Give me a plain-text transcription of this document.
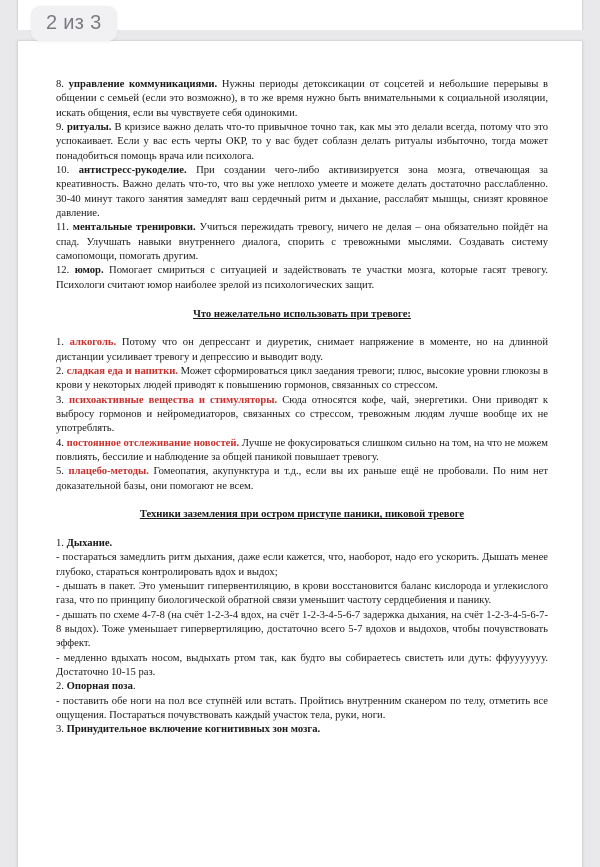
8. управление коммуникациями. Нужны периоды детоксикации от соцсетей и небольшие перерывы в общении с семьей (если это возможно), в то же время нужно быть внимательными к социальной изоляции, искать общения, если вы чувствуете себя одинокими.

9. ритуалы. В кризисе важно делать что-то привычное точно так, как мы это делали всегда, потому что это успокаивает. Если у вас есть черты ОКР, то у вас будет соблазн делать ритуалы избыточно, тогда может понадобиться помощь врача или психолога.

10. антистресс-рукоделие. При создании чего-либо активизируется зона мозга, отвечающая за креативность. Важно делать что-то, что вы уже неплохо умеете и можете делать достаточно расслабленно. 30-40 минут такого занятия замедлят ваш сердечный ритм и дыхание, расслабят мышцы, снизят кровяное давление.

11. ментальные тренировки. Учиться пережидать тревогу, ничего не делая – она обязательно пойдёт на спад. Улучшать навыки внутреннего диалога, спорить с тревожными мыслями. Создавать систему самопомощи, помогать другим.

12. юмор. Помогает смириться с ситуацией и задействовать те участки мозга, которые гасят тревогу. Психологи считают юмор наиболее зрелой из психологических защит.

Что нежелательно использовать при тревоге:

1. алкоголь. Потому что он депрессант и диуретик, снимает напряжение в моменте, но на длинной дистанции усиливает тревогу и депрессию и выводит воду.

2. сладкая еда и напитки. Может сформироваться цикл заедания тревоги; плюс, высокие уровни глюкозы в крови у некоторых людей приводят к повышению гормонов, связанных со стрессом.

3. психоактивные вещества и стимуляторы. Сюда относятся кофе, чай, энергетики. Они приводят к выбросу гормонов и нейромедиаторов, связанных со стрессом, тревожным людям лучше вообще их не употреблять.

4. постоянное отслеживание новостей. Лучше не фокусироваться слишком сильно на том, на что не можем повлиять, бессилие и наблюдение за общей паникой повышает тревогу.

5. плацебо-методы. Гомеопатия, акупунктура и т.д., если вы их раньше ещё не пробовали. По ним нет доказательной базы, они помогают не всем.

Техники заземления при остром приступе паники, пиковой тревоге

1. Дыхание.

- постараться замедлить ритм дыхания, даже если кажется, что, наоборот, надо его ускорить. Дышать менее глубоко, стараться контролировать вдох и выдох;

- дышать в пакет. Это уменьшит гипервентиляцию, в крови восстановится баланс кислорода и углекислого газа, что по принципу биологической обратной связи уменьшит частоту сердцебиения и панику.

- дышать по схеме 4-7-8 (на счёт 1-2-3-4 вдох, на счёт 1-2-3-4-5-6-7 задержка дыхания, на счёт 1-2-3-4-5-6-7-8 выдох). Тоже уменьшает гипервертиляцию, достаточно всего 5-7 вдохов и выдохов, чтобы почувствовать эффект.

- медленно вдыхать носом, выдыхать ртом так, как будто вы собираетесь свистеть или дуть: ффууууууу. Достаточно 10-15 раз.

2. Опорная поза.

- поставить обе ноги на пол все ступнёй или встать. Пройтись внутренним сканером по телу, отметить все ощущения. Постараться почувствовать каждый участок тела, руки, ноги.

3. Принудительное включение когнитивных зон мозга.

2 из 3
